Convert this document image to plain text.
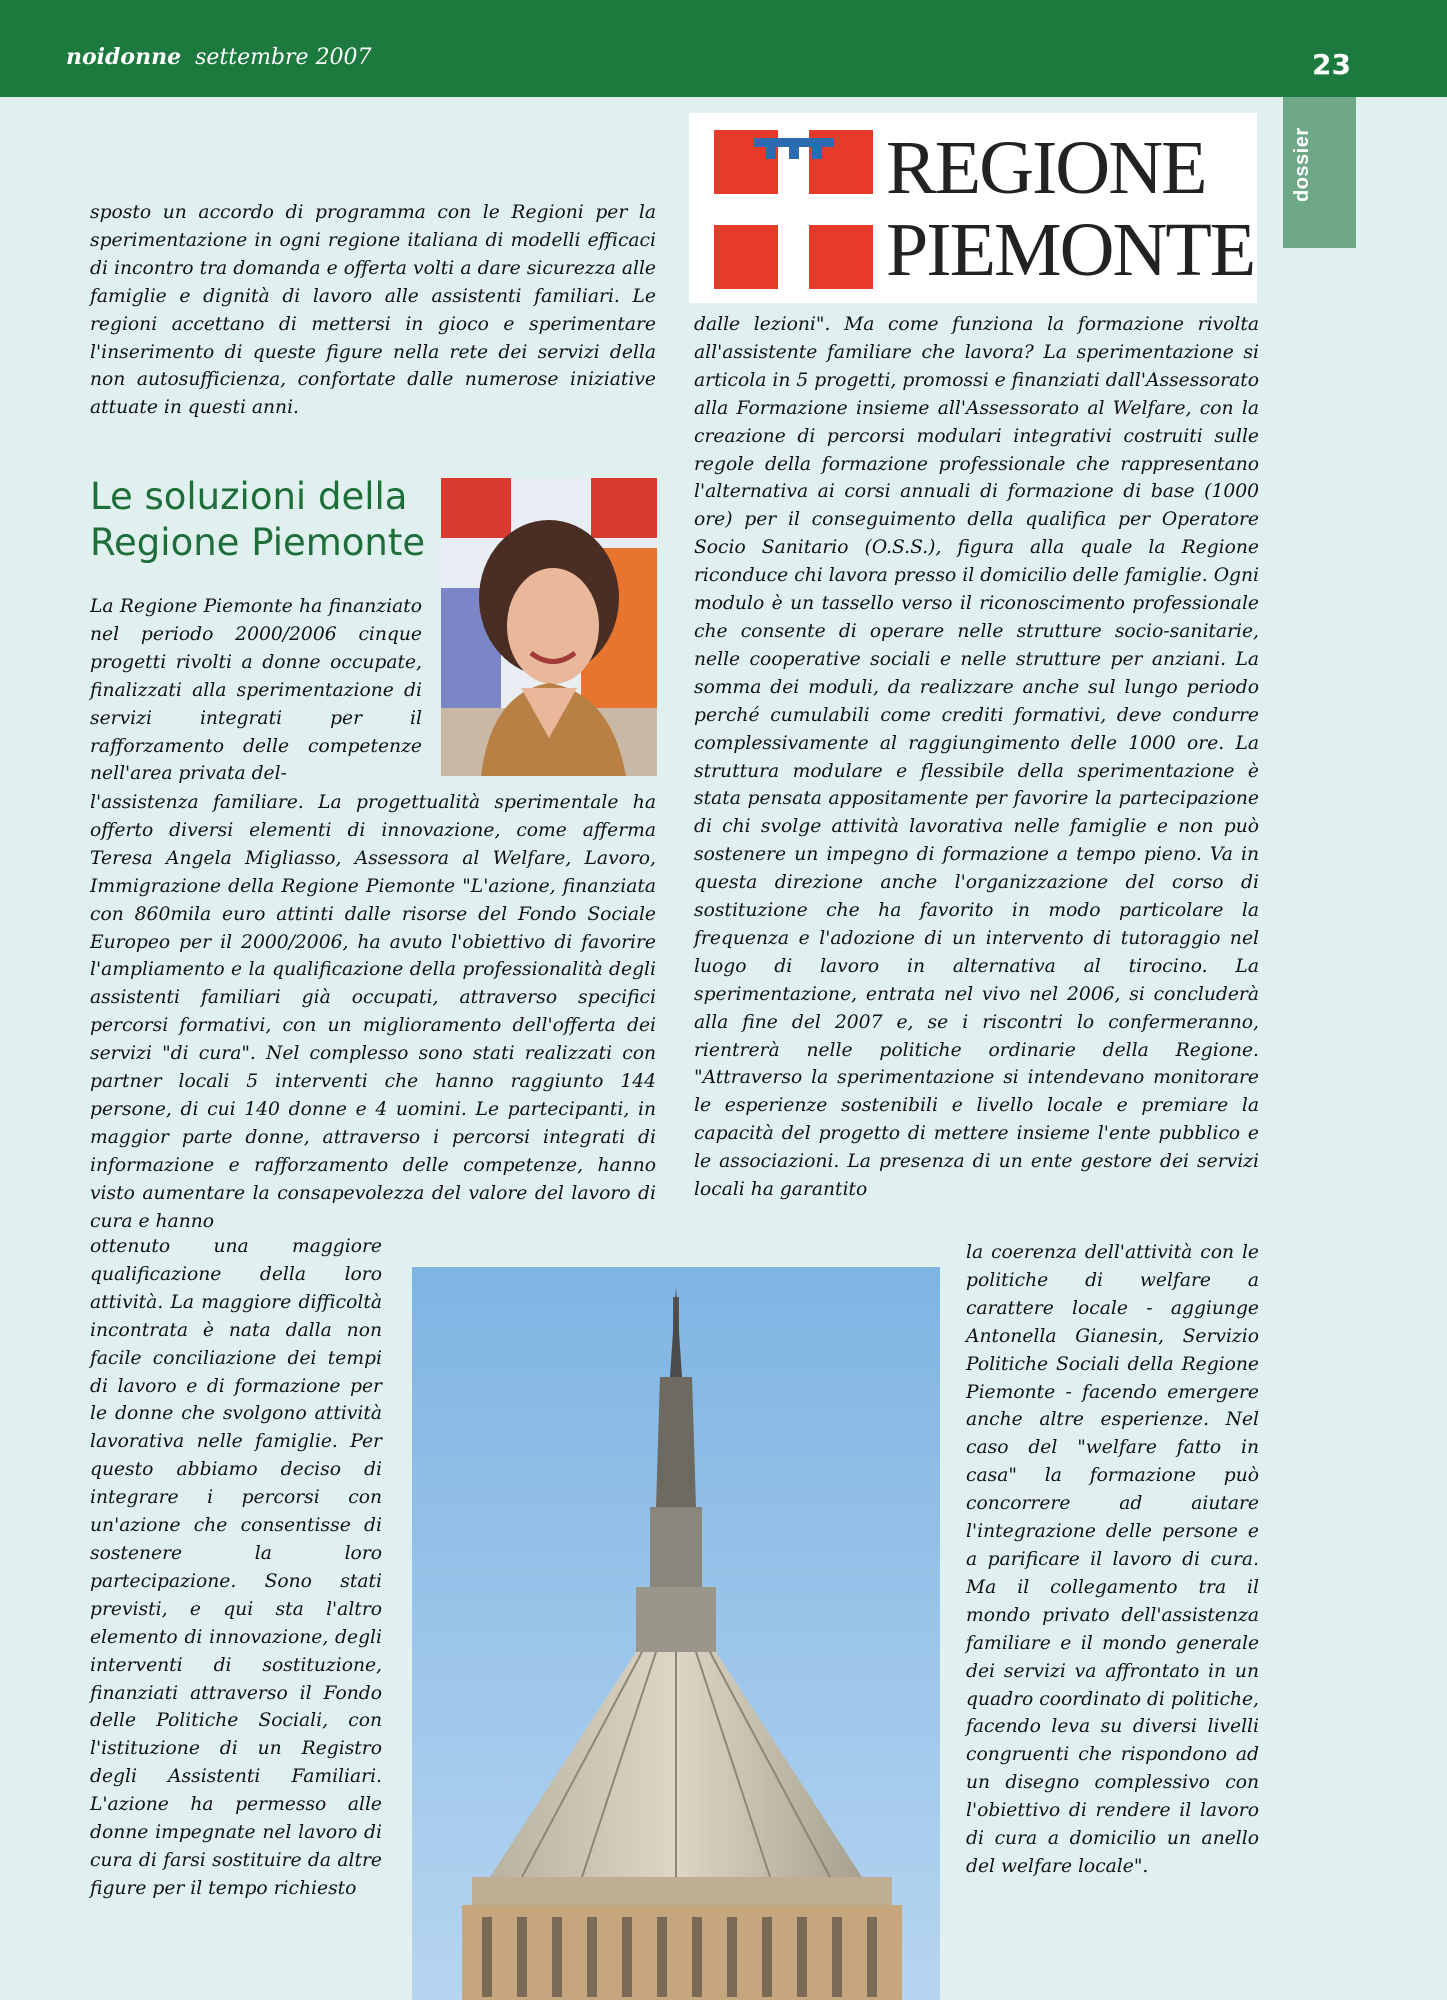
noidonne settembre 2007	23
dossier
REGIONE
PIEMONTE
sposto un accordo di programma con le Regioni per la sperimentazione in ogni regione italiana di modelli efficaci di incontro tra domanda e offerta volti a dare sicurezza alle famiglie e dignità di lavoro alle assistenti familiari. Le regioni accettano di mettersi in gioco e sperimentare l'inserimento di queste figure nella rete dei servizi della non autosufficienza, confortate dalle numerose iniziative attuate in questi anni.
Le soluzioni della Regione Piemonte
La Regione Piemonte ha finanziato nel periodo 2000/2006 cinque progetti rivolti a donne occupate, finalizzati alla sperimentazione di servizi integrati per il rafforzamento delle competenze nell'area privata del-
l'assistenza familiare. La progettualità sperimentale ha offerto diversi elementi di innovazione, come afferma Teresa Angela Migliasso, Assessora al Welfare, Lavoro, Immigrazione della Regione Piemonte "L'azione, finanziata con 860mila euro attinti dalle risorse del Fondo Sociale Europeo per il 2000/2006, ha avuto l'obiettivo di favorire l'ampliamento e la qualificazione della professionalità degli assistenti familiari già occupati, attraverso specifici percorsi formativi, con un miglioramento dell'offerta dei servizi "di cura". Nel complesso sono stati realizzati con partner locali 5 interventi che hanno raggiunto 144 persone, di cui 140 donne e 4 uomini. Le partecipanti, in maggior parte donne, attraverso i percorsi integrati di informazione e rafforzamento delle competenze, hanno visto aumentare la consapevolezza del valore del lavoro di cura e hanno
ottenuto una maggiore qualificazione della loro attività. La maggiore difficoltà incontrata è nata dalla non facile conciliazione dei tempi di lavoro e di formazione per le donne che svolgono attività lavorativa nelle famiglie. Per questo abbiamo deciso di integrare i percorsi con un'azione che consentisse di sostenere la loro partecipazione. Sono stati previsti, e qui sta l'altro elemento di innovazione, degli interventi di sostituzione, finanziati attraverso il Fondo delle Politiche Sociali, con l'istituzione di un Registro degli Assistenti Familiari. L'azione ha permesso alle donne impegnate nel lavoro di cura di farsi sostituire da altre figure per il tempo richiesto
dalle lezioni". Ma come funziona la formazione rivolta all'assistente familiare che lavora? La sperimentazione si articola in 5 progetti, promossi e finanziati dall'Assessorato alla Formazione insieme all'Assessorato al Welfare, con la creazione di percorsi modulari integrativi costruiti sulle regole della formazione professionale che rappresentano l'alternativa ai corsi annuali di formazione di base (1000 ore) per il conseguimento della qualifica per Operatore Socio Sanitario (O.S.S.), figura alla quale la Regione riconduce chi lavora presso il domicilio delle famiglie. Ogni modulo è un tassello verso il riconoscimento professionale che consente di operare nelle strutture socio-sanitarie, nelle cooperative sociali e nelle strutture per anziani. La somma dei moduli, da realizzare anche sul lungo periodo perché cumulabili come crediti formativi, deve condurre complessivamente al raggiungimento delle 1000 ore. La struttura modulare e flessibile della sperimentazione è stata pensata appositamente per favorire la partecipazione di chi svolge attività lavorativa nelle famiglie e non può sostenere un impegno di formazione a tempo pieno. Va in questa direzione anche l'organizzazione del corso di sostituzione che ha favorito in modo particolare la frequenza e l'adozione di un intervento di tutoraggio nel luogo di lavoro in alternativa al tirocino. La sperimentazione, entrata nel vivo nel 2006, si concluderà alla fine del 2007 e, se i riscontri lo confermeranno, rientrerà nelle politiche ordinarie della Regione. "Attraverso la sperimentazione si intendevano monitorare le esperienze sostenibili e livello locale e premiare la capacità del progetto di mettere insieme l'ente pubblico e le associazioni. La presenza di un ente gestore dei servizi locali ha garantito
la coerenza dell'attività con le politiche di welfare a carattere locale - aggiunge Antonella Gianesin, Servizio Politiche Sociali della Regione Piemonte - facendo emergere anche altre esperienze. Nel caso del "welfare fatto in casa" la formazione può concorrere ad aiutare l'integrazione delle persone e a parificare il lavoro di cura. Ma il collegamento tra il mondo privato dell'assistenza familiare e il mondo generale dei servizi va affrontato in un quadro coordinato di politiche, facendo leva su diversi livelli congruenti che rispondono ad un disegno complessivo con l'obiettivo di rendere il lavoro di cura a domicilio un anello del welfare locale".
